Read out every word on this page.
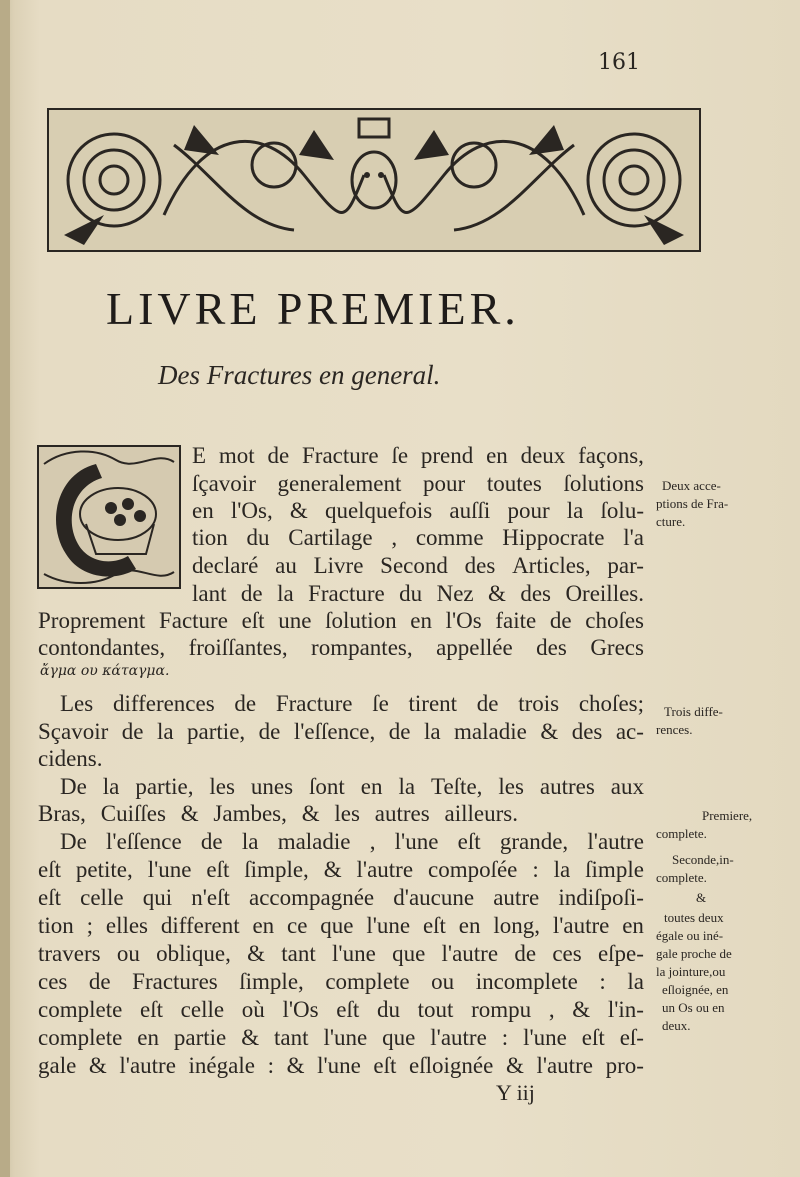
161
LIVRE PREMIER.
Des Fractures en general.
E mot de Fracture ſe prend en deux façons,
ſçavoir generalement pour toutes ſolutions
en l'Os, & quelquefois auſſi pour la ſolu-
tion du Cartilage , comme Hippocrate l'a
declaré au Livre Second des Articles, par-
lant de la Fracture du Nez & des Oreilles.
Proprement Facture eſt une ſolution en l'Os faite de choſes
contondantes, froiſſantes, rompantes, appellée des Grecs
ἄγμα ου κάταγμα.
Les differences de Fracture ſe tirent de trois choſes;
Sçavoir de la partie, de l'eſſence, de la maladie & des ac-
cidens.
De la partie, les unes ſont en la Teſte, les autres aux
Bras, Cuiſſes & Jambes, & les autres ailleurs.
De l'eſſence de la maladie , l'une eſt grande, l'autre
eſt petite, l'une eſt ſimple, & l'autre compoſée : la ſimple
eſt celle qui n'eſt accompagnée d'aucune autre indiſpoſi-
tion ; elles different en ce que l'une eſt en long, l'autre en
travers ou oblique, & tant l'une que l'autre de ces eſpe-
ces de Fractures ſimple, complete ou incomplete : la
complete eſt celle où l'Os eſt du tout rompu , & l'in-
complete en partie & tant l'une que l'autre : l'une eſt eſ-
gale & l'autre inégale : & l'une eſt eſloignée & l'autre pro-
Deux acce-
ptions de Fra-
cture.
Trois diffe-
rences.
Premiere,
complete.
Seconde,in-
complete.
&
toutes deux
égale ou iné-
gale proche de
la jointure,ou
eſloignée, en
un Os ou en
deux.
Y iij
